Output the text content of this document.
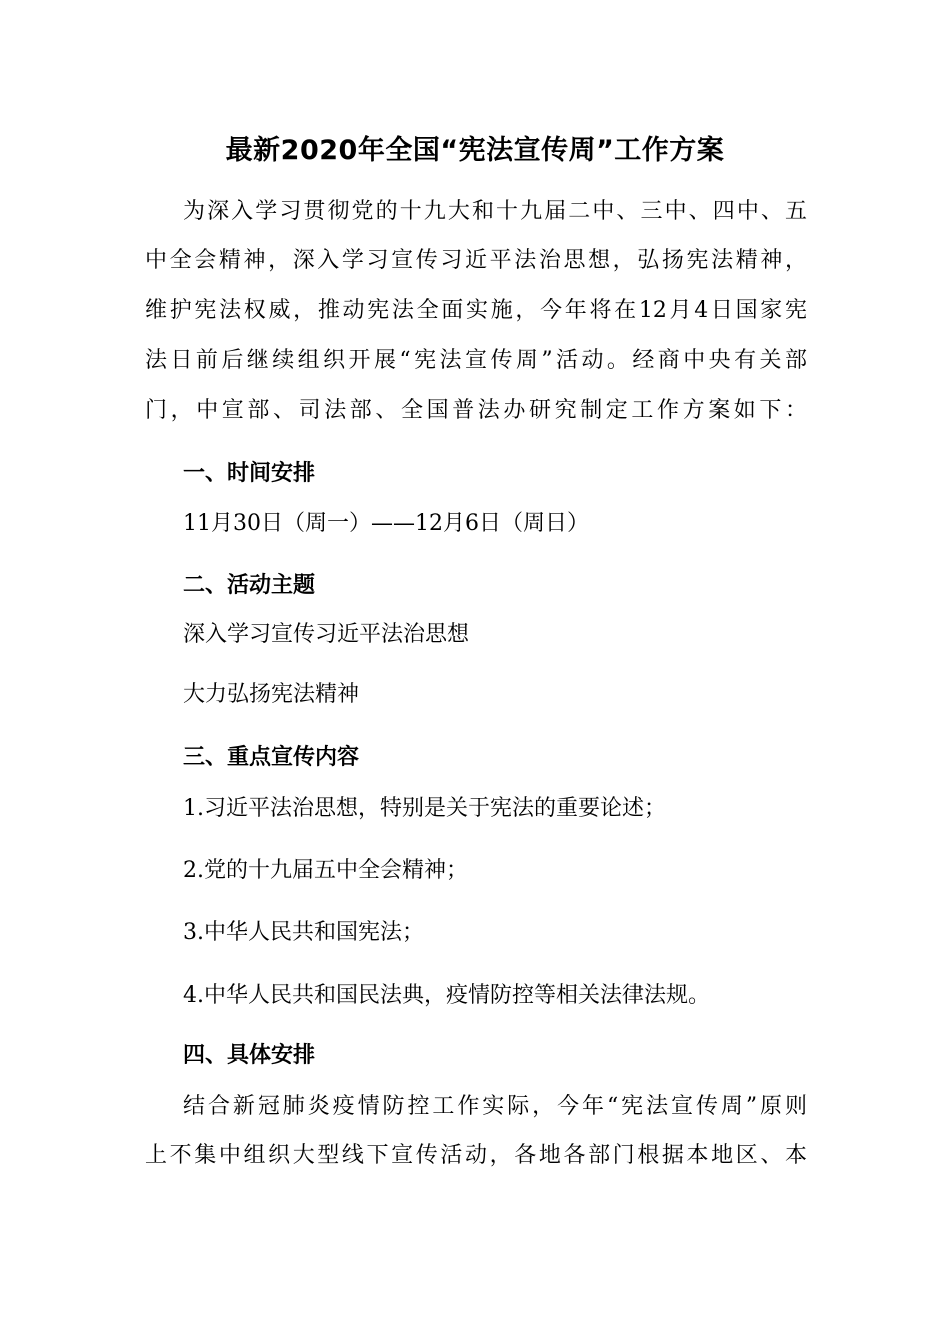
最新2020年全国“宪法宣传周”工作方案
为深入学习贯彻党的十九大和十九届二中、三中、四中、五
中全会精神，深入学习宣传习近平法治思想，弘扬宪法精神，
维护宪法权威，推动宪法全面实施，今年将在12月4日国家宪
法日前后继续组织开展“宪法宣传周”活动。经商中央有关部
门，中宣部、司法部、全国普法办研究制定工作方案如下：
一、时间安排
11月30日（周一）——12月6日（周日）
二、活动主题
深入学习宣传习近平法治思想
大力弘扬宪法精神
三、重点宣传内容
1.习近平法治思想，特别是关于宪法的重要论述；
2.党的十九届五中全会精神；
3.中华人民共和国宪法；
4.中华人民共和国民法典，疫情防控等相关法律法规。
四、具体安排
结合新冠肺炎疫情防控工作实际，今年“宪法宣传周”原则
上不集中组织大型线下宣传活动，各地各部门根据本地区、本
